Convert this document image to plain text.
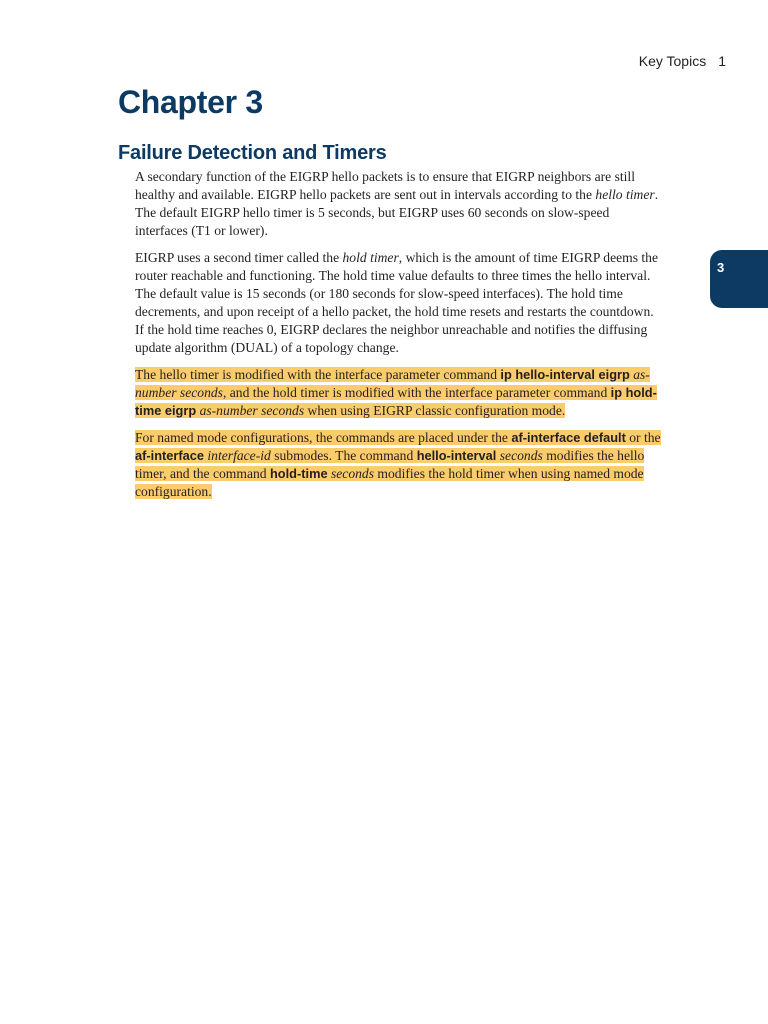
Key Topics 1
Chapter 3
Failure Detection and Timers
3

A secondary function of the EIGRP hello packets is to ensure that EIGRP neighbors are still healthy and available. EIGRP hello packets are sent out in intervals according to the hello timer. The default EIGRP hello timer is 5 seconds, but EIGRP uses 60 seconds on slow-speed interfaces (T1 or lower).

EIGRP uses a second timer called the hold timer, which is the amount of time EIGRP deems the router reachable and functioning. The hold time value defaults to three times the hello interval. The default value is 15 seconds (or 180 seconds for slow-speed interfaces). The hold time decrements, and upon receipt of a hello packet, the hold time resets and restarts the countdown. If the hold time reaches 0, EIGRP declares the neighbor unreachable and notifies the diffusing update algorithm (DUAL) of a topology change.

The hello timer is modified with the interface parameter command ip hello-interval eigrp as-number seconds, and the hold timer is modified with the interface parameter command ip hold-time eigrp as-number seconds when using EIGRP classic configuration mode.

For named mode configurations, the commands are placed under the af-interface default or the af-interface interface-id submodes. The command hello-interval seconds modifies the hello timer, and the command hold-time seconds modifies the hold timer when using named mode configuration.
